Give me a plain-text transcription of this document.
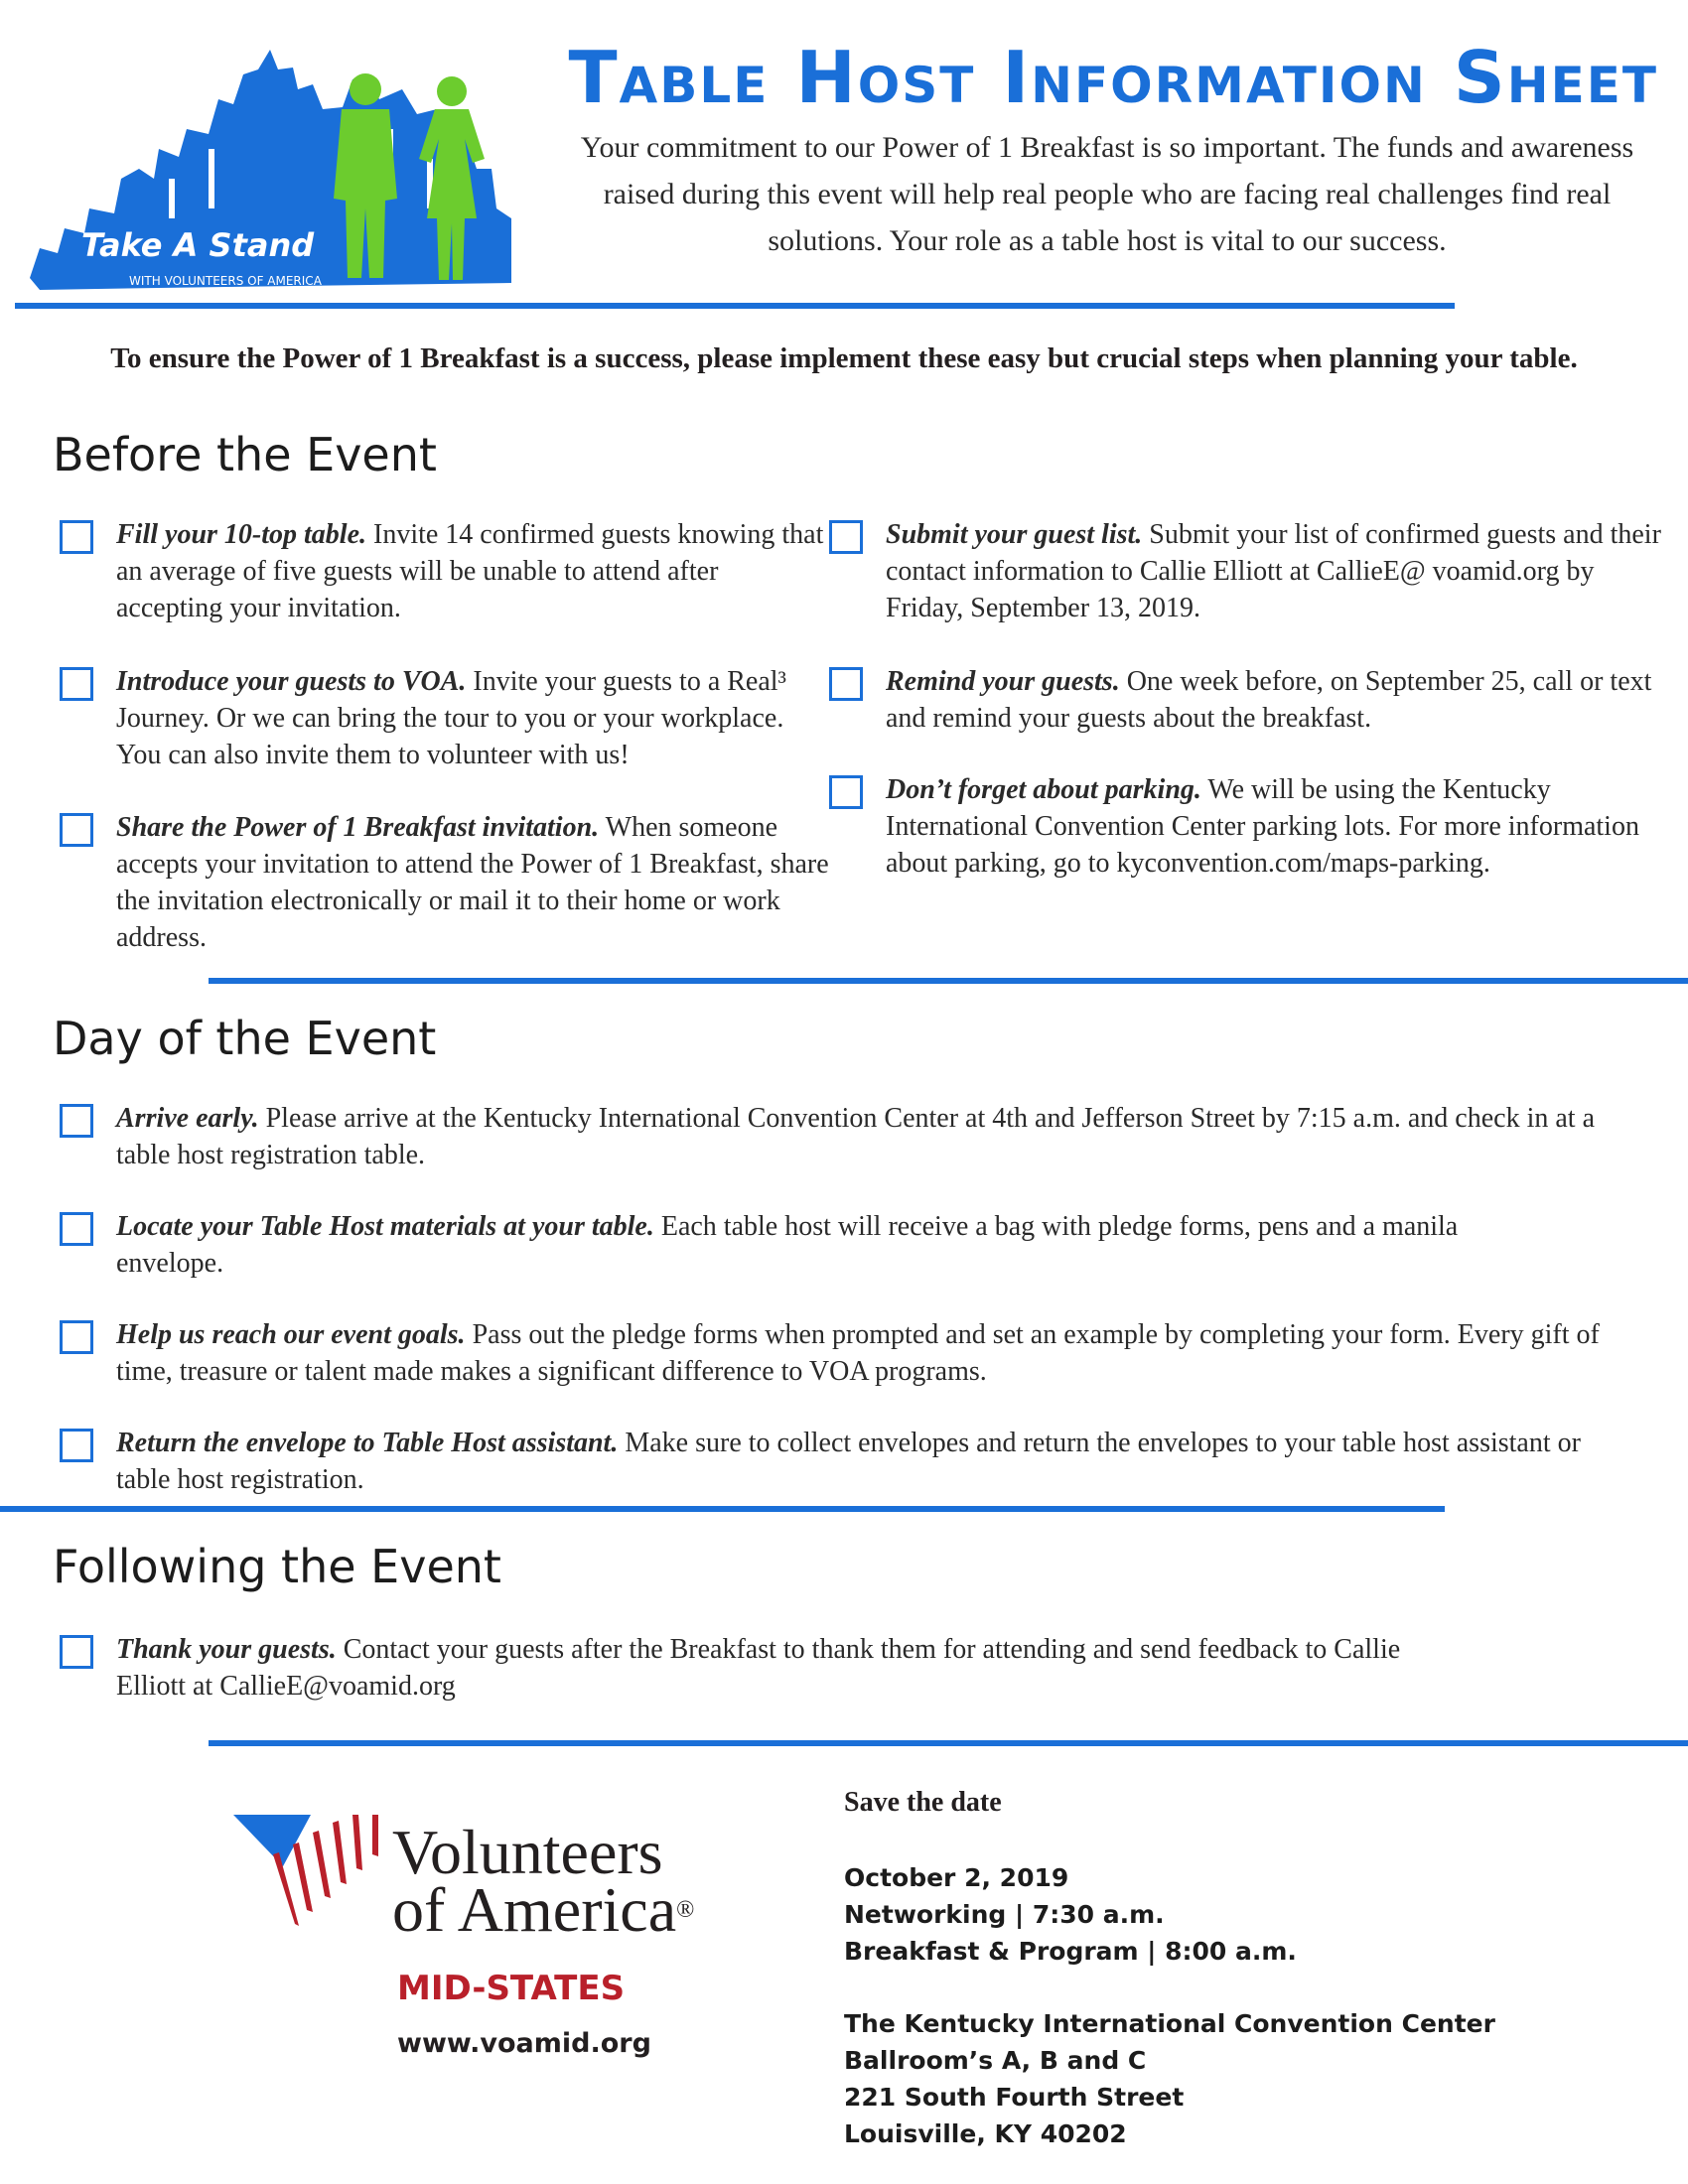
Take A Stand
WITH VOLUNTEERS OF AMERICA
Table Host Information Sheet
Your commitment to our Power of 1 Breakfast is so important. The funds and awareness raised during this event will help real people who are facing real challenges find real solutions. Your role as a table host is vital to our success.
To ensure the Power of 1 Breakfast is a success, please implement these easy but crucial steps when planning your table.
Before the Event
Fill your 10-top table. Invite 14 confirmed guests knowing that an average of five guests will be unable to attend after accepting your invitation.
Introduce your guests to VOA. Invite your guests to a Real³ Journey. Or we can bring the tour to you or your workplace. You can also invite them to volunteer with us!
Share the Power of 1 Breakfast invitation. When someone accepts your invitation to attend the Power of 1 Breakfast, share the invitation electronically or mail it to their home or work address.
Submit your guest list. Submit your list of confirmed guests and their contact information to Callie Elliott at CallieE@ voamid.org by Friday, September 13, 2019.
Remind your guests. One week before, on September 25, call or text and remind your guests about the breakfast.
Don’t forget about parking. We will be using the Kentucky International Convention Center parking lots. For more information about parking, go to kyconvention.com/maps-parking.
Day of the Event
Arrive early. Please arrive at the Kentucky International Convention Center at 4th and Jefferson Street by 7:15 a.m. and check in at a table host registration table.
Locate your Table Host materials at your table. Each table host will receive a bag with pledge forms, pens and a manila envelope.
Help us reach our event goals. Pass out the pledge forms when prompted and set an example by completing your form. Every gift of time, treasure or talent made makes a significant difference to VOA programs.
Return the envelope to Table Host assistant. Make sure to collect envelopes and return the envelopes to your table host assistant or table host registration.
Following the Event
Thank your guests. Contact your guests after the Breakfast to thank them for attending and send feedback to Callie Elliott at CallieE@voamid.org
Volunteers
of America®
MID-STATES
www.voamid.org
Save the date
October 2, 2019
Networking | 7:30 a.m.
Breakfast & Program | 8:00 a.m.
The Kentucky International Convention Center
Ballroom’s A, B and C
221 South Fourth Street
Louisville, KY 40202
